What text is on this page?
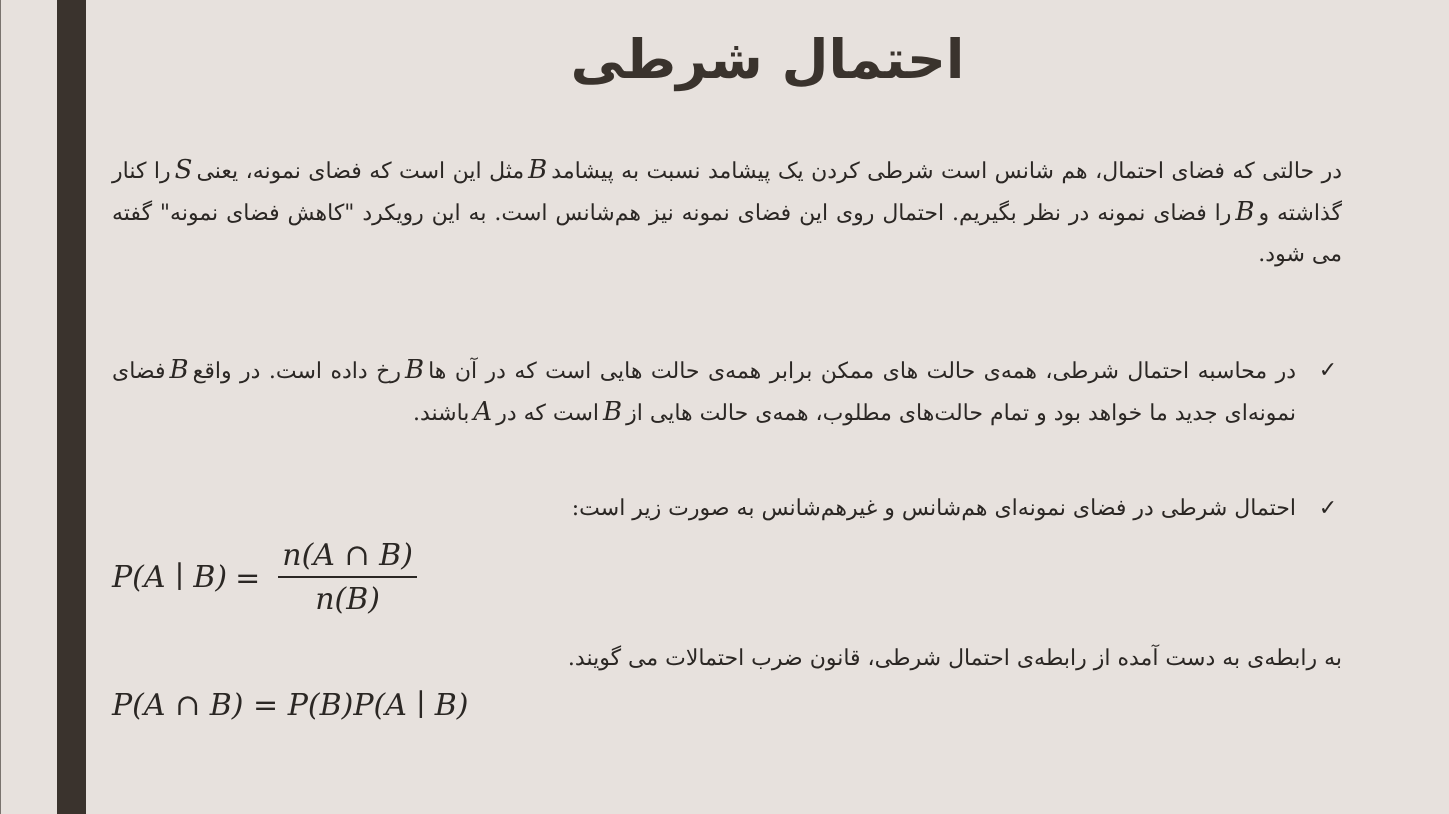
احتمال شرطی

در حالتی که فضای احتمال، هم شانس است شرطی کردن یک پیشامد نسبت به پیشامدBمثل این است که فضای نمونه، یعنیSرا کنار گذاشته وBرا فضای نمونه در نظر بگیریم. احتمال روی این فضای نمونه نیز هم‌شانس است. به این رویکرد "کاهش فضای نمونه" گفته می شود.

✓

در محاسبه احتمال شرطی، همه‌ی حالت های ممکن برابر همه‌ی حالت هایی است که در آن هاBرخ داده است. در واقعBفضای نمونه‌ای جدید ما خواهد بود و تمام حالت‌های مطلوب، همه‌ی حالت هایی ازBاست که درAباشند.

✓

احتمال شرطی در فضای نمونه‌ای هم‌شانس و غیرهم‌شانس به صورت زیر است:

P(A ∣ $B) = \frac{n(A \cap B)}{n(B)}$

به رابطه‌ی به دست آمده از رابطه‌ی احتمال شرطی، قانون ضرب احتمالات می گویند.

P(A ∩ B) = P(B)P(A ∣ B)
